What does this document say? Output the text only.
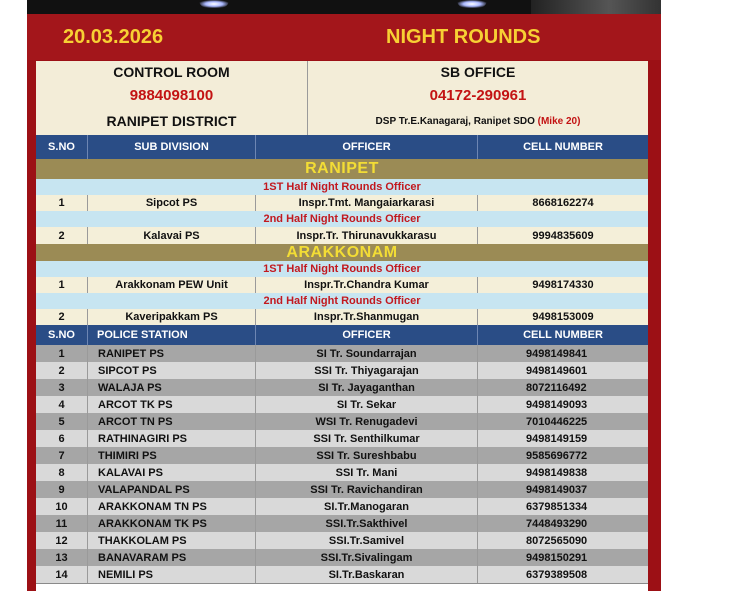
20.03.2026	NIGHT ROUNDS
CONTROL ROOM	SB OFFICE
9884098100	04172-290961
RANIPET DISTRICT	DSP Tr.E.Kanagaraj, Ranipet SDO
(Mike 20)
S.NO	SUB DIVISION	OFFICER	CELL NUMBER
RANIPET
1ST Half Night Rounds Officer
1	Sipcot PS	Inspr.Tmt. Mangaiarkarasi	8668162274
2nd Half Night Rounds Officer
2	Kalavai PS	Inspr.Tr. Thirunavukkarasu	9994835609
ARAKKONAM
1ST Half Night Rounds Officer
1	Arakkonam PEW Unit	Inspr.Tr.Chandra Kumar	9498174330
2nd Half Night Rounds Officer
2	Kaveripakkam PS	Inspr.Tr.Shanmugan	9498153009
S.NO	POLICE STATION	OFFICER	CELL NUMBER
1	RANIPET PS	SI Tr. Soundarrajan	9498149841
2	SIPCOT PS	SSI Tr. Thiyagarajan	9498149601
3	WALAJA PS	SI Tr. Jayaganthan	8072116492
4	ARCOT TK PS	SI Tr. Sekar	9498149093
5	ARCOT TN PS	WSI Tr. Renugadevi	7010446225
6	RATHINAGIRI PS	SSI Tr. Senthilkumar	9498149159
7	THIMIRI PS	SSI Tr. Sureshbabu	9585696772
8	KALAVAI PS	SSI Tr. Mani	9498149838
9	VALAPANDAL PS	SSI Tr. Ravichandiran	9498149037
10	ARAKKONAM TN PS	SI.Tr.Manogaran	6379851334
11	ARAKKONAM TK PS	SSI.Tr.Sakthivel	7448493290
12	THAKKOLAM PS	SSI.Tr.Samivel	8072565090
13	BANAVARAM PS	SSI.Tr.Sivalingam	9498150291
14	NEMILI PS	SI.Tr.Baskaran	6379389508
